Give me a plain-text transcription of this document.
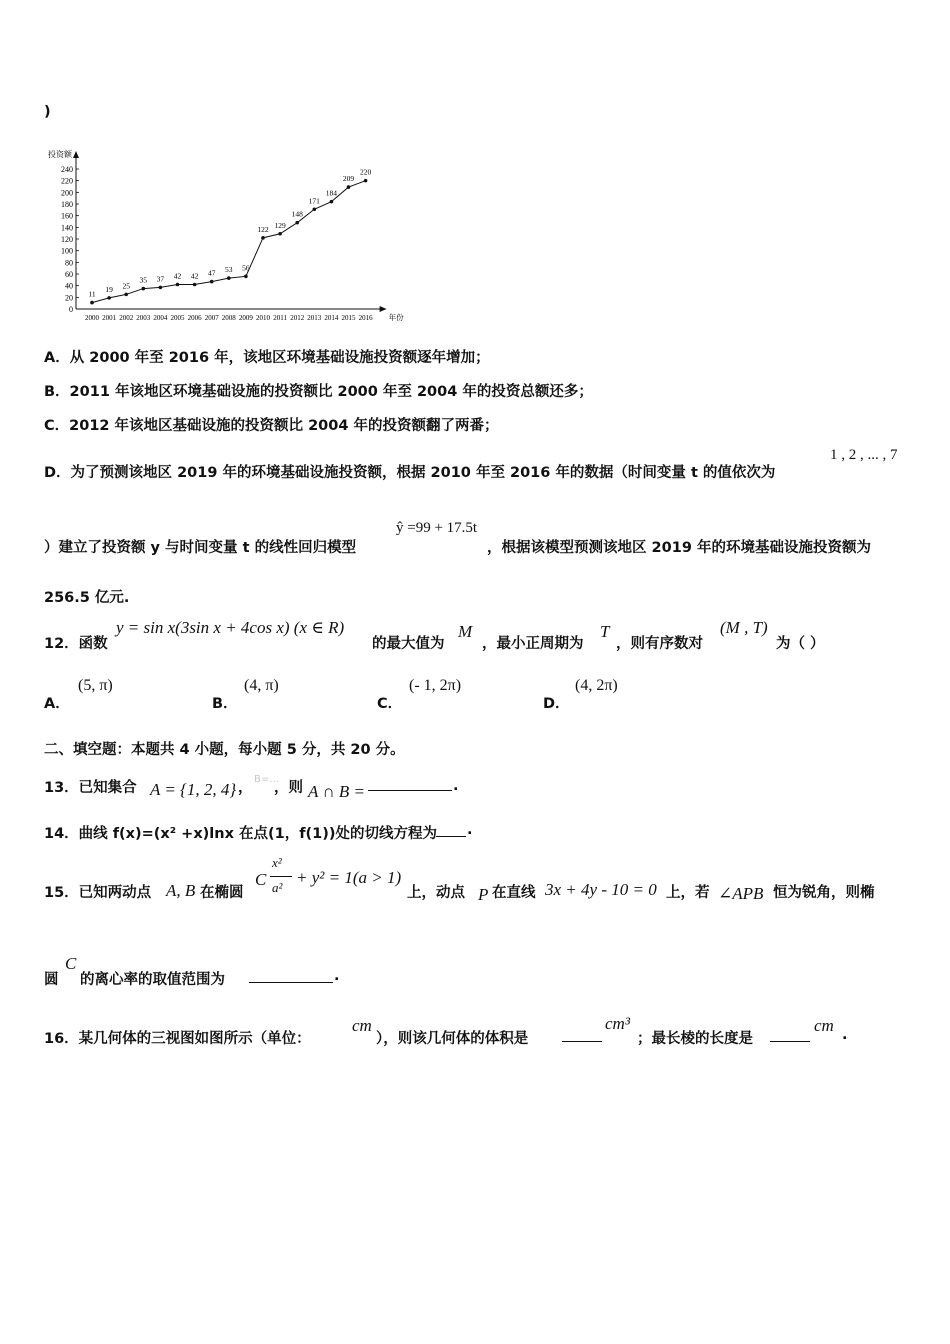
)
投资额
0
20
40
60
80
100
120
140
160
180
200
220
240
2000 2001 2002 2003 2004 2005 2006 2007 2008 2009 2010 2011 2012 2013 2014 2015 2016 年份
11
19 25
35 37 42 42 47 53 56
122 129
148
171
184
209
220
A．从 2000 年至 2016 年，该地区环境基础设施投资额逐年增加；
B．2011 年该地区环境基础设施的投资额比 2000 年至 2004 年的投资总额还多；
C．2012 年该地区基础设施的投资额比 2004 年的投资额翻了两番；
D．为了预测该地区 2019 年的环境基础设施投资额，根据 2010 年至 2016 年的数据（时间变量 t 的值依次为
1 , 2 , ... , 7
）建立了投资额 y 与时间变量 t 的线性回归模型
ŷ =99 + 17.5t
，根据该模型预测该地区 2019 年的环境基础设施投资额为
256.5 亿元.
12．函数
y = sin x(3sin x + 4cos x) (x ∈ R)
的最大值为
M
，最小正周期为
T
，则有序数对
(M , T)
为（ ）
A．
(5, π)
B．
(4, π)
C．
(- 1, 2π)
D．
(4, 2π)
二、填空题：本题共 4 小题，每小题 5 分，共 20 分。
13．已知集合 A = {1, 2, 4} ，
B=…
，则 A ∩ B =	.
14．曲线 f(x)=(x² +x)lnx 在点(1，f(1))处的切线方程为 .
15．已知两动点 A, B 在椭圆
C
x²
a²
+ y² = 1(a > 1)
上，动点 P 在直线 3x + 4y - 10 = 0 上，若 ∠APB 恒为锐角，则椭
圆
C
的离心率的取值范围为	.
16．某几何体的三视图如图所示（单位：
cm
），则该几何体的体积是
cm³
；最长棱的长度是
cm .
